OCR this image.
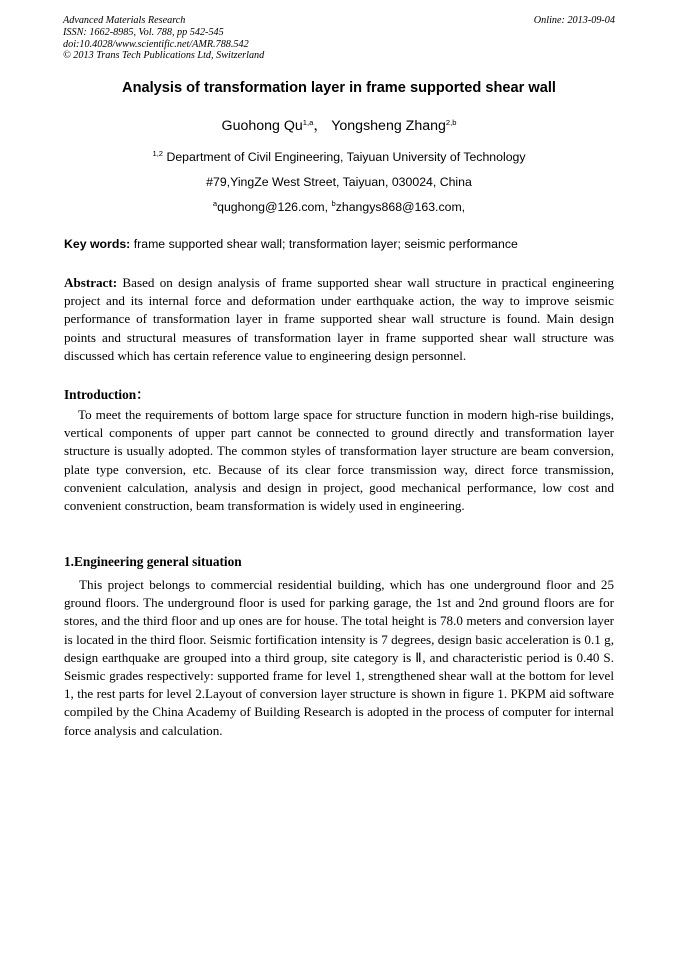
Advanced Materials Research
ISSN: 1662-8985, Vol. 788, pp 542-545
doi:10.4028/www.scientific.net/AMR.788.542
© 2013 Trans Tech Publications Ltd, Switzerland
Online: 2013-09-04
Analysis of transformation layer in frame supported shear wall
Guohong Qu$^{1,a}$， Yongsheng Zhang$^{2,b}$
$^{1,2}$ Department of Civil Engineering, Taiyuan University of Technology
#79,YingZe West Street, Taiyuan, 030024, China
$^a$qughong@126.com, $^b$zhangys868@163.com,
Key words: frame supported shear wall; transformation layer; seismic performance
Abstract: Based on design analysis of frame supported shear wall structure in practical engineering project and its internal force and deformation under earthquake action, the way to improve seismic performance of transformation layer in frame supported shear wall structure is found. Main design points and structural measures of transformation layer in frame supported shear wall structure was discussed which has certain reference value to engineering design personnel.
Introduction：
To meet the requirements of bottom large space for structure function in modern high-rise buildings, vertical components of upper part cannot be connected to ground directly and transformation layer structure is usually adopted. The common styles of transformation layer structure are beam conversion, plate type conversion, etc. Because of its clear force transmission way, direct force transmission, convenient calculation, analysis and design in project, good mechanical performance, low cost and convenient construction, beam transformation is widely used in engineering.
1.Engineering general situation
This project belongs to commercial residential building, which has one underground floor and 25 ground floors. The underground floor is used for parking garage, the 1st and 2nd ground floors are for stores, and the third floor and up ones are for house. The total height is 78.0 meters and conversion layer is located in the third floor. Seismic fortification intensity is 7 degrees, design basic acceleration is 0.1 g, design earthquake are grouped into a third group, site category is Ⅱ, and characteristic period is 0.40 S. Seismic grades respectively: supported frame for level 1, strengthened shear wall at the bottom for level 1, the rest parts for level 2.Layout of conversion layer structure is shown in figure 1. PKPM aid software compiled by the China Academy of Building Research is adopted in the process of computer for internal force analysis and calculation.
